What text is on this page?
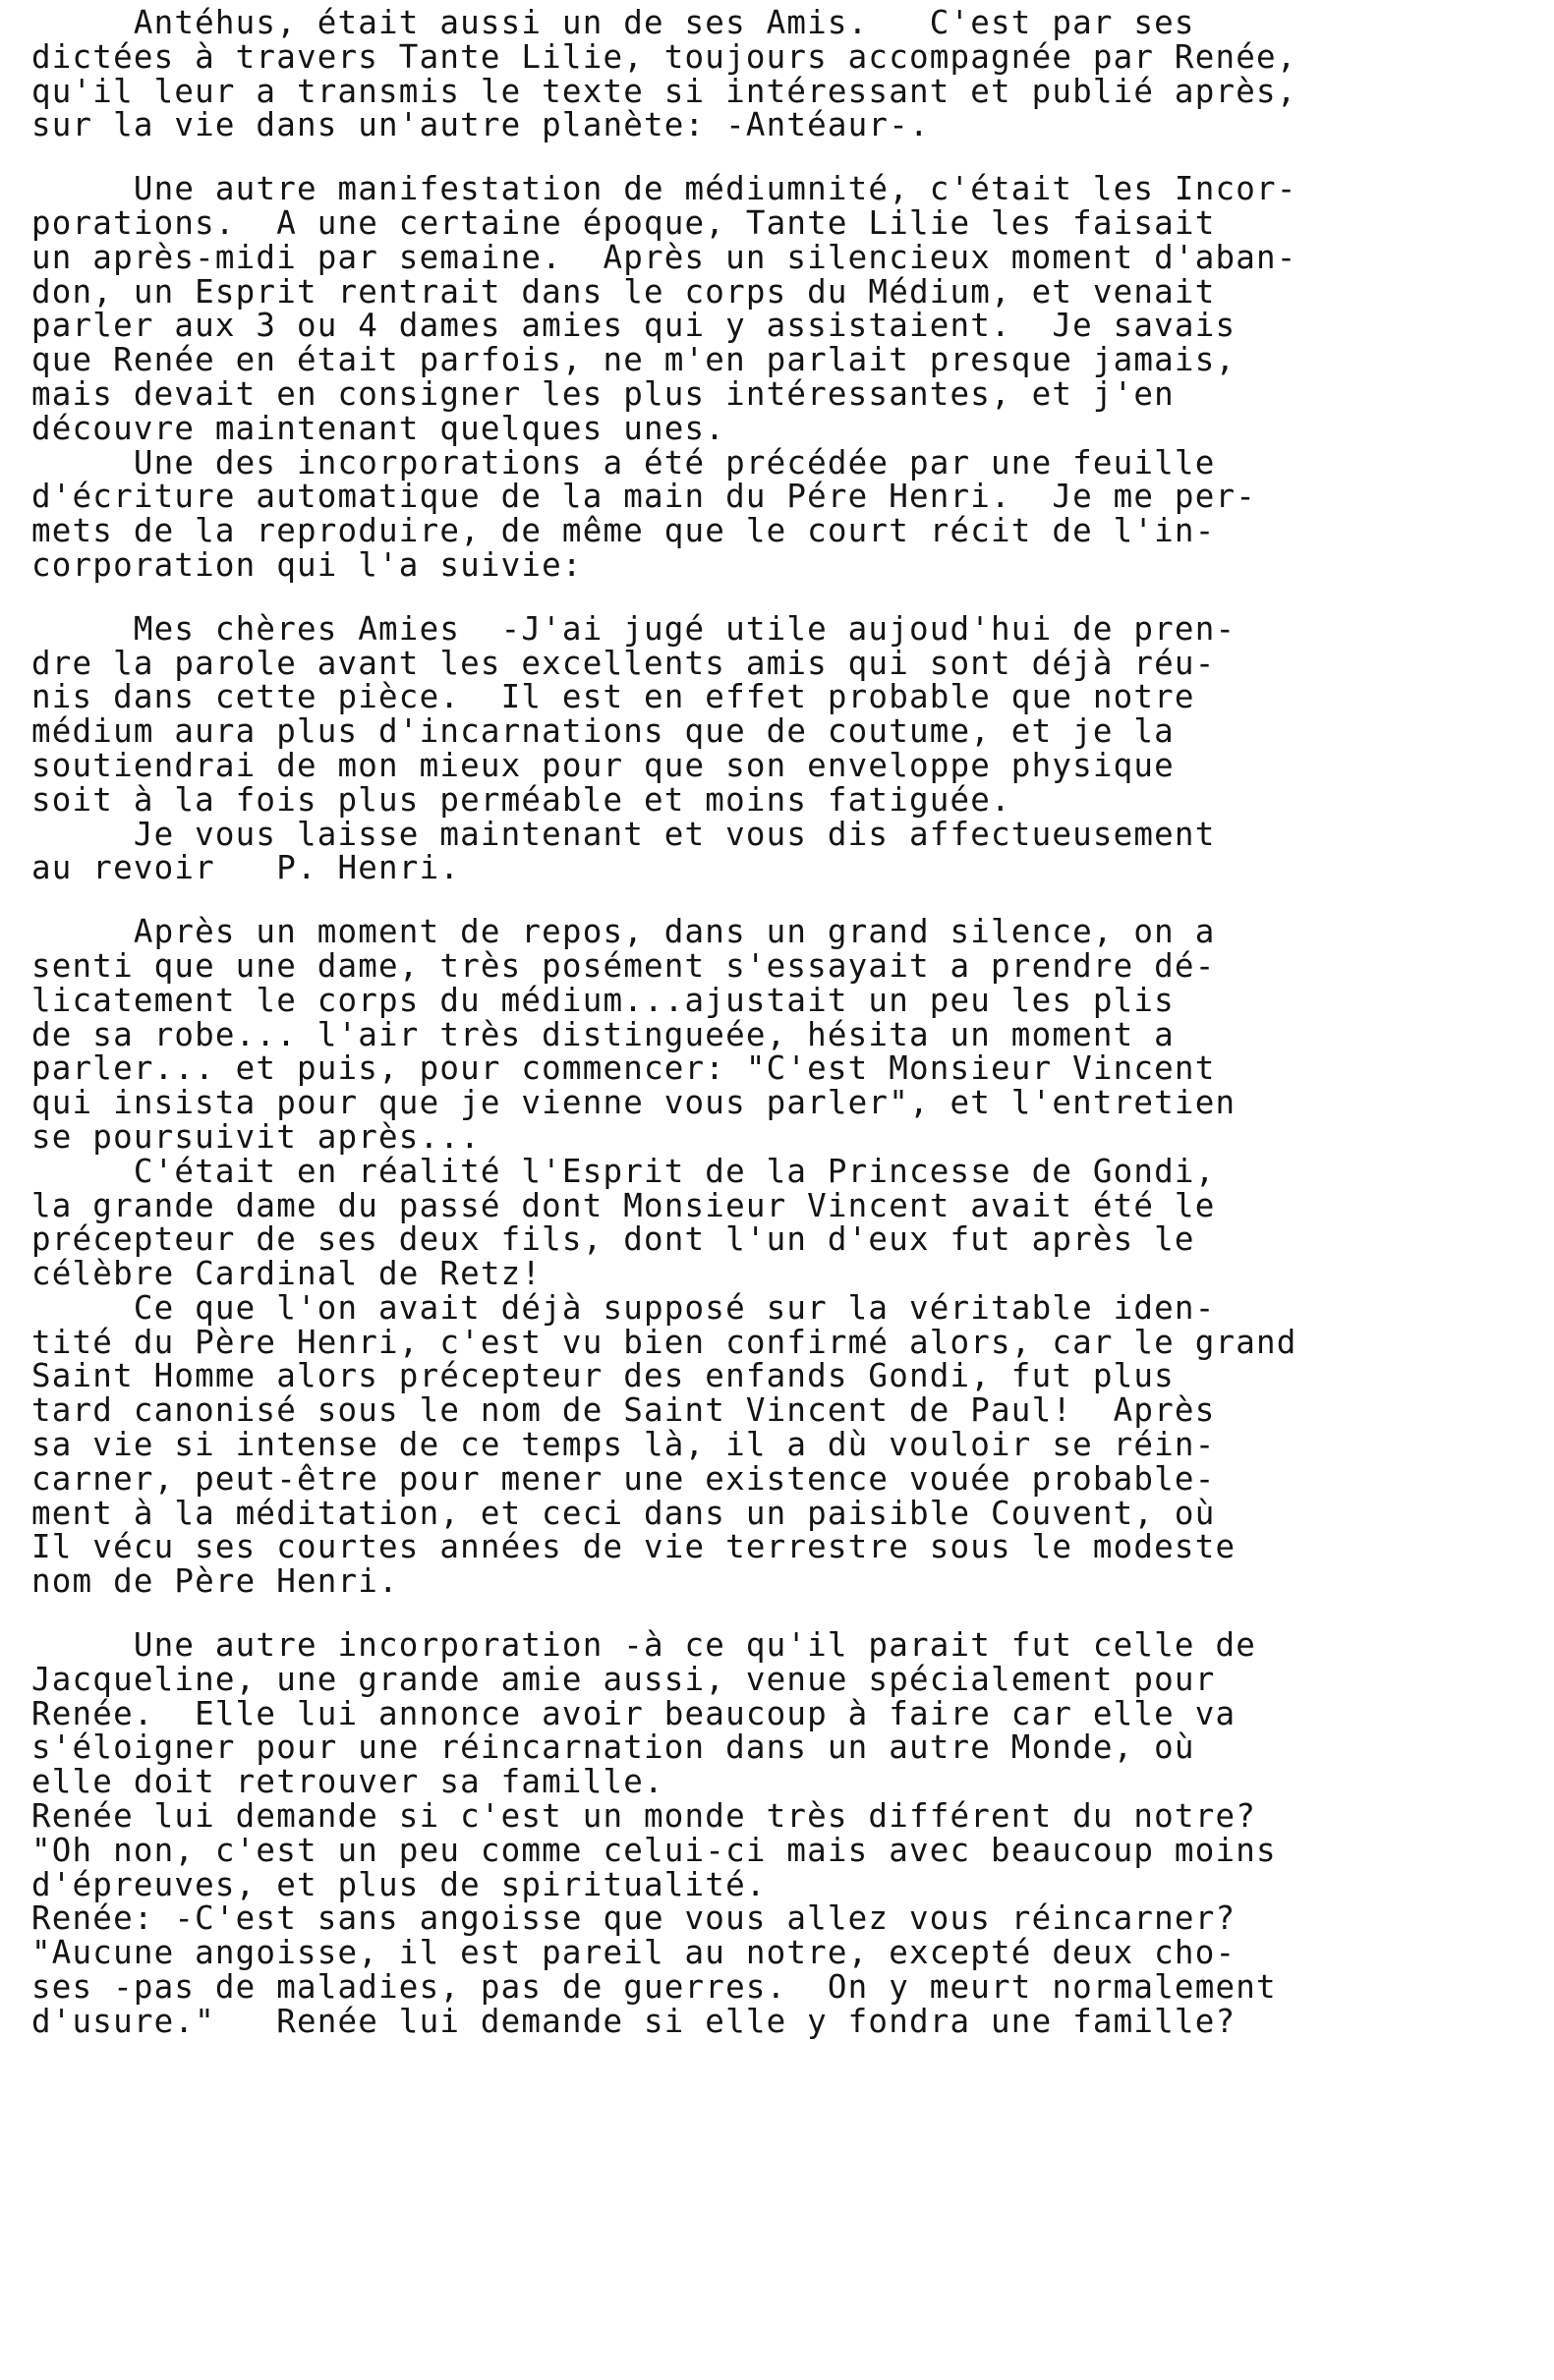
Antéhus, était aussi un de ses Amis.   C'est par ses
dictées à travers Tante Lilie, toujours accompagnée par Renée,
qu'il leur a transmis le texte si intéressant et publié après,
sur la vie dans un'autre planète: -Antéaur-.
Une autre manifestation de médiumnité, c'était les Incor-
porations.  A une certaine époque, Tante Lilie les faisait
un après-midi par semaine.  Après un silencieux moment d'aban-
don, un Esprit rentrait dans le corps du Médium, et venait
parler aux 3 ou 4 dames amies qui y assistaient.  Je savais
que Renée en était parfois, ne m'en parlait presque jamais,
mais devait en consigner les plus intéressantes, et j'en
découvre maintenant quelques unes.
Une des incorporations a été précédée par une feuille
d'écriture automatique de la main du Pére Henri.  Je me per-
mets de la reproduire, de même que le court récit de l'in-
corporation qui l'a suivie:
Mes chères Amies  -J'ai jugé utile aujoud'hui de pren-
dre la parole avant les excellents amis qui sont déjà réu-
nis dans cette pièce.  Il est en effet probable que notre
médium aura plus d'incarnations que de coutume, et je la
soutiendrai de mon mieux pour que son enveloppe physique
soit à la fois plus perméable et moins fatiguée.
Je vous laisse maintenant et vous dis affectueusement
au revoir   P. Henri.
Après un moment de repos, dans un grand silence, on a
senti que une dame, très posément s'essayait a prendre dé-
licatement le corps du médium...ajustait un peu les plis
de sa robe... l'air très distingueée, hésita un moment a
parler... et puis, pour commencer: "C'est Monsieur Vincent
qui insista pour que je vienne vous parler", et l'entretien
se poursuivit après...
C'était en réalité l'Esprit de la Princesse de Gondi,
la grande dame du passé dont Monsieur Vincent avait été le
précepteur de ses deux fils, dont l'un d'eux fut après le
célèbre Cardinal de Retz!
Ce que l'on avait déjà supposé sur la véritable iden-
tité du Père Henri, c'est vu bien confirmé alors, car le grand
Saint Homme alors précepteur des enfands Gondi, fut plus
tard canonisé sous le nom de Saint Vincent de Paul!  Après
sa vie si intense de ce temps là, il a dù vouloir se réin-
carner, peut-être pour mener une existence vouée probable-
ment à la méditation, et ceci dans un paisible Couvent, où
Il vécu ses courtes années de vie terrestre sous le modeste
nom de Père Henri.
Une autre incorporation -à ce qu'il parait fut celle de
Jacqueline, une grande amie aussi, venue spécialement pour
Renée.  Elle lui annonce avoir beaucoup à faire car elle va
s'éloigner pour une réincarnation dans un autre Monde, où
elle doit retrouver sa famille.
Renée lui demande si c'est un monde très différent du notre?
"Oh non, c'est un peu comme celui-ci mais avec beaucoup moins
d'épreuves, et plus de spiritualité.
Renée: -C'est sans angoisse que vous allez vous réincarner?
"Aucune angoisse, il est pareil au notre, excepté deux cho-
ses -pas de maladies, pas de guerres.  On y meurt normalement
d'usure."   Renée lui demande si elle y fondra une famille?
